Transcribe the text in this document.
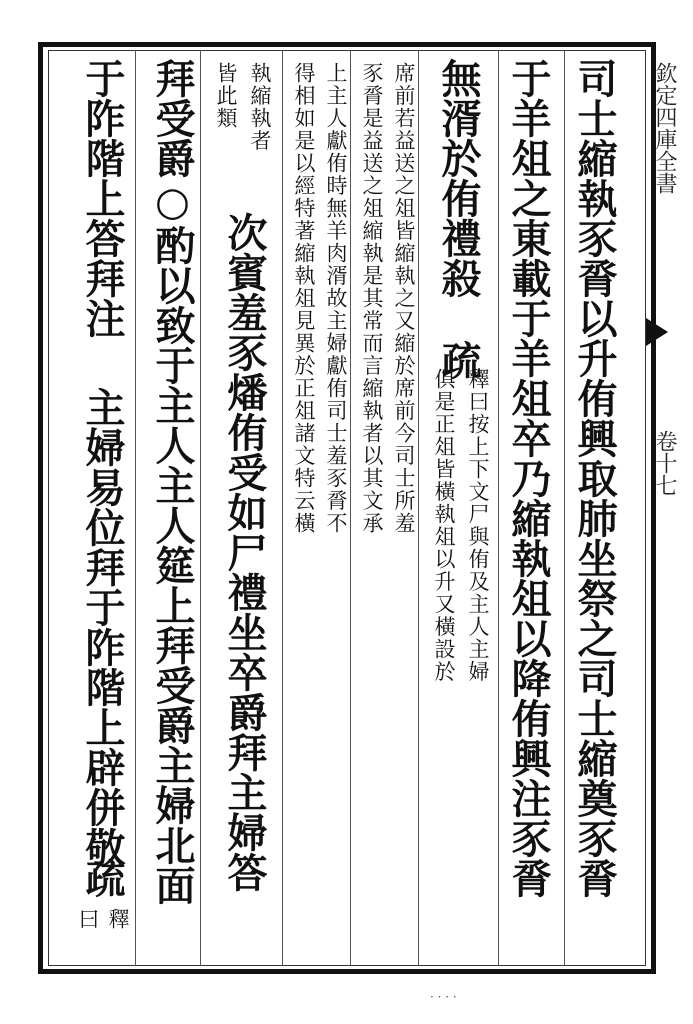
欽定四庫全書
卷十七
司士縮執豕脀以升侑興取肺坐祭之司士縮奠豕脀
于羊俎之東載于羊俎卒乃縮執俎以降侑興注豕脀
無湑於侑禮殺
疏
釋曰按上下文尸與侑及主人主婦
俱是正俎皆橫執俎以升又橫設於
席前若益送之俎皆縮執之又縮於席前今司士所羞
豕脀是益送之俎縮執是其常而言縮執者以其文承
上主人獻侑時無羊肉湑故主婦獻侑司士羞豕脀不
得相如是以經特著縮執俎見異於正俎諸文特云橫
執縮執者
皆此類
次賓羞豕燔侑受如尸禮坐卒爵拜主婦答
拜受爵○酌以致于主人主人筵上拜受爵主婦北面
于阼階上答拜注
主婦易位拜于阼階上辟併敬
疏
釋
曰
· · · ·
